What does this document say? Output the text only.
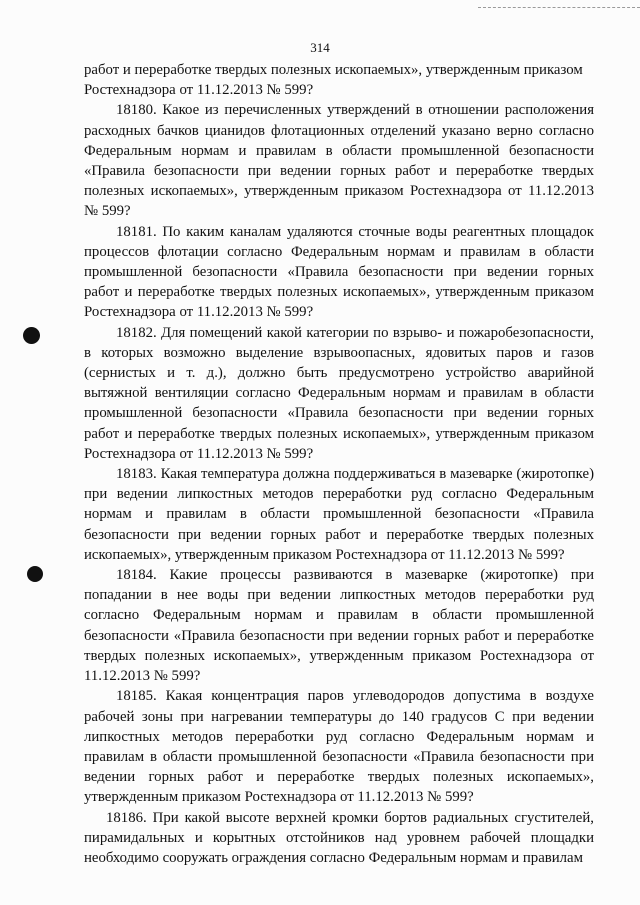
314

работ и переработке твердых полезных ископаемых», утвержденным приказом Ростехнадзора от 11.12.2013 № 599?

18180. Какое из перечисленных утверждений в отношении расположения расходных бачков цианидов флотационных отделений указано верно согласно Федеральным нормам и правилам в области промышленной безопасности «Правила безопасности при ведении горных работ и переработке твердых полезных ископаемых», утвержденным приказом Ростехнадзора от 11.12.2013 № 599?

18181. По каким каналам удаляются сточные воды реагентных площадок процессов флотации согласно Федеральным нормам и правилам в области промышленной безопасности «Правила безопасности при ведении горных работ и переработке твердых полезных ископаемых», утвержденным приказом Ростехнадзора от 11.12.2013 № 599?

18182. Для помещений какой категории по взрыво- и пожаробезопасности, в которых возможно выделение взрывоопасных, ядовитых паров и газов (сернистых и т. д.), должно быть предусмотрено устройство аварийной вытяжной вентиляции согласно Федеральным нормам и правилам в области промышленной безопасности «Правила безопасности при ведении горных работ и переработке твердых полезных ископаемых», утвержденным приказом Ростехнадзора от 11.12.2013 № 599?

18183. Какая температура должна поддерживаться в мазеварке (жиротопке) при ведении липкостных методов переработки руд согласно Федеральным нормам и правилам в области промышленной безопасности «Правила безопасности при ведении горных работ и переработке твердых полезных ископаемых», утвержденным приказом Ростехнадзора от 11.12.2013 № 599?

18184. Какие процессы развиваются в мазеварке (жиротопке) при попадании в нее воды при ведении липкостных методов переработки руд согласно Федеральным нормам и правилам в области промышленной безопасности «Правила безопасности при ведении горных работ и переработке твердых полезных ископаемых», утвержденным приказом Ростехнадзора от 11.12.2013 № 599?

18185. Какая концентрация паров углеводородов допустима в воздухе рабочей зоны при нагревании температуры до 140 градусов С при ведении липкостных методов переработки руд согласно Федеральным нормам и правилам в области промышленной безопасности «Правила безопасности при ведении горных работ и переработке твердых полезных ископаемых», утвержденным приказом Ростехнадзора от 11.12.2013 № 599?

18186. При какой высоте верхней кромки бортов радиальных сгустителей, пирамидальных и корытных отстойников над уровнем рабочей площадки необходимо сооружать ограждения согласно Федеральным нормам и правилам
